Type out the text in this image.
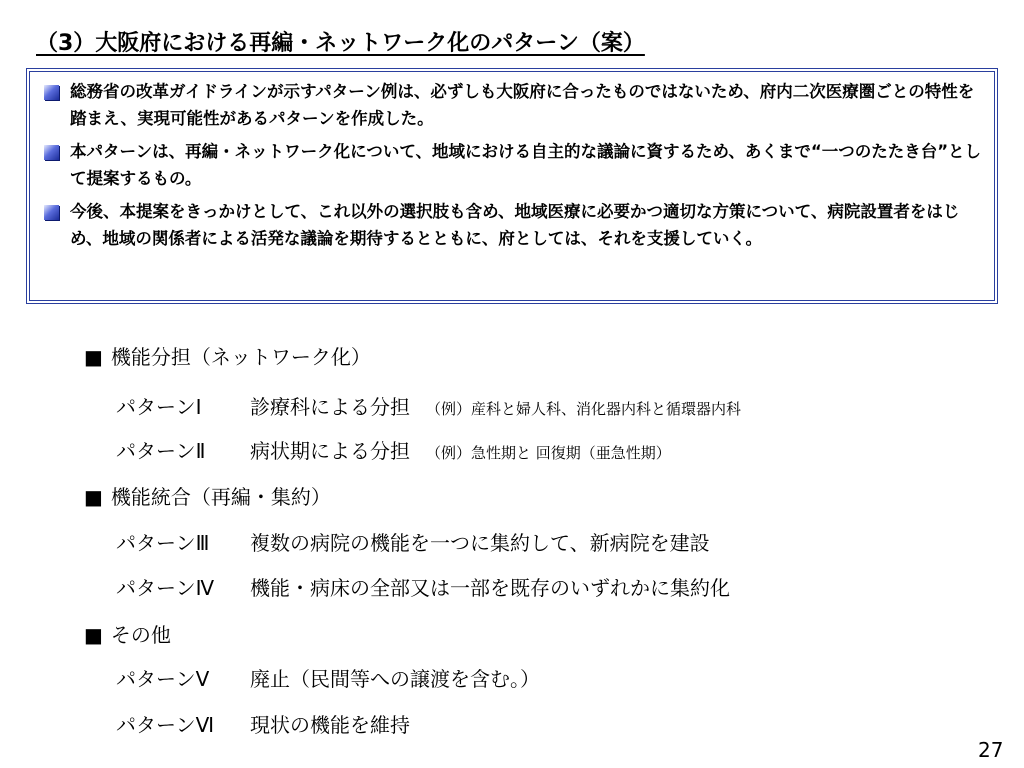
（3）大阪府における再編・ネットワーク化のパターン（案）
総務省の改革ガイドラインが示すパターン例は、必ずしも大阪府に合ったものではないため、府内二次医療圏ごとの特性を踏まえ、実現可能性があるパターンを作成した。
本パターンは、再編・ネットワーク化について、地域における自主的な議論に資するため、あくまで“一つのたたき台”として提案するもの。
今後、本提案をきっかけとして、これ以外の選択肢も含め、地域医療に必要かつ適切な方策について、病院設置者をはじめ、地域の関係者による活発な議論を期待するとともに、府としては、それを支援していく。
■ 機能分担（ネットワーク化）
パターンⅠ 診療科による分担 （例）産科と婦人科、消化器内科と循環器内科
パターンⅡ 病状期による分担 （例）急性期と 回復期（亜急性期）
■ 機能統合（再編・集約）
パターンⅢ 複数の病院の機能を一つに集約して、新病院を建設
パターンⅣ 機能・病床の全部又は一部を既存のいずれかに集約化
■ その他
パターンⅤ 廃止（民間等への譲渡を含む。）
パターンⅥ 現状の機能を維持
27
